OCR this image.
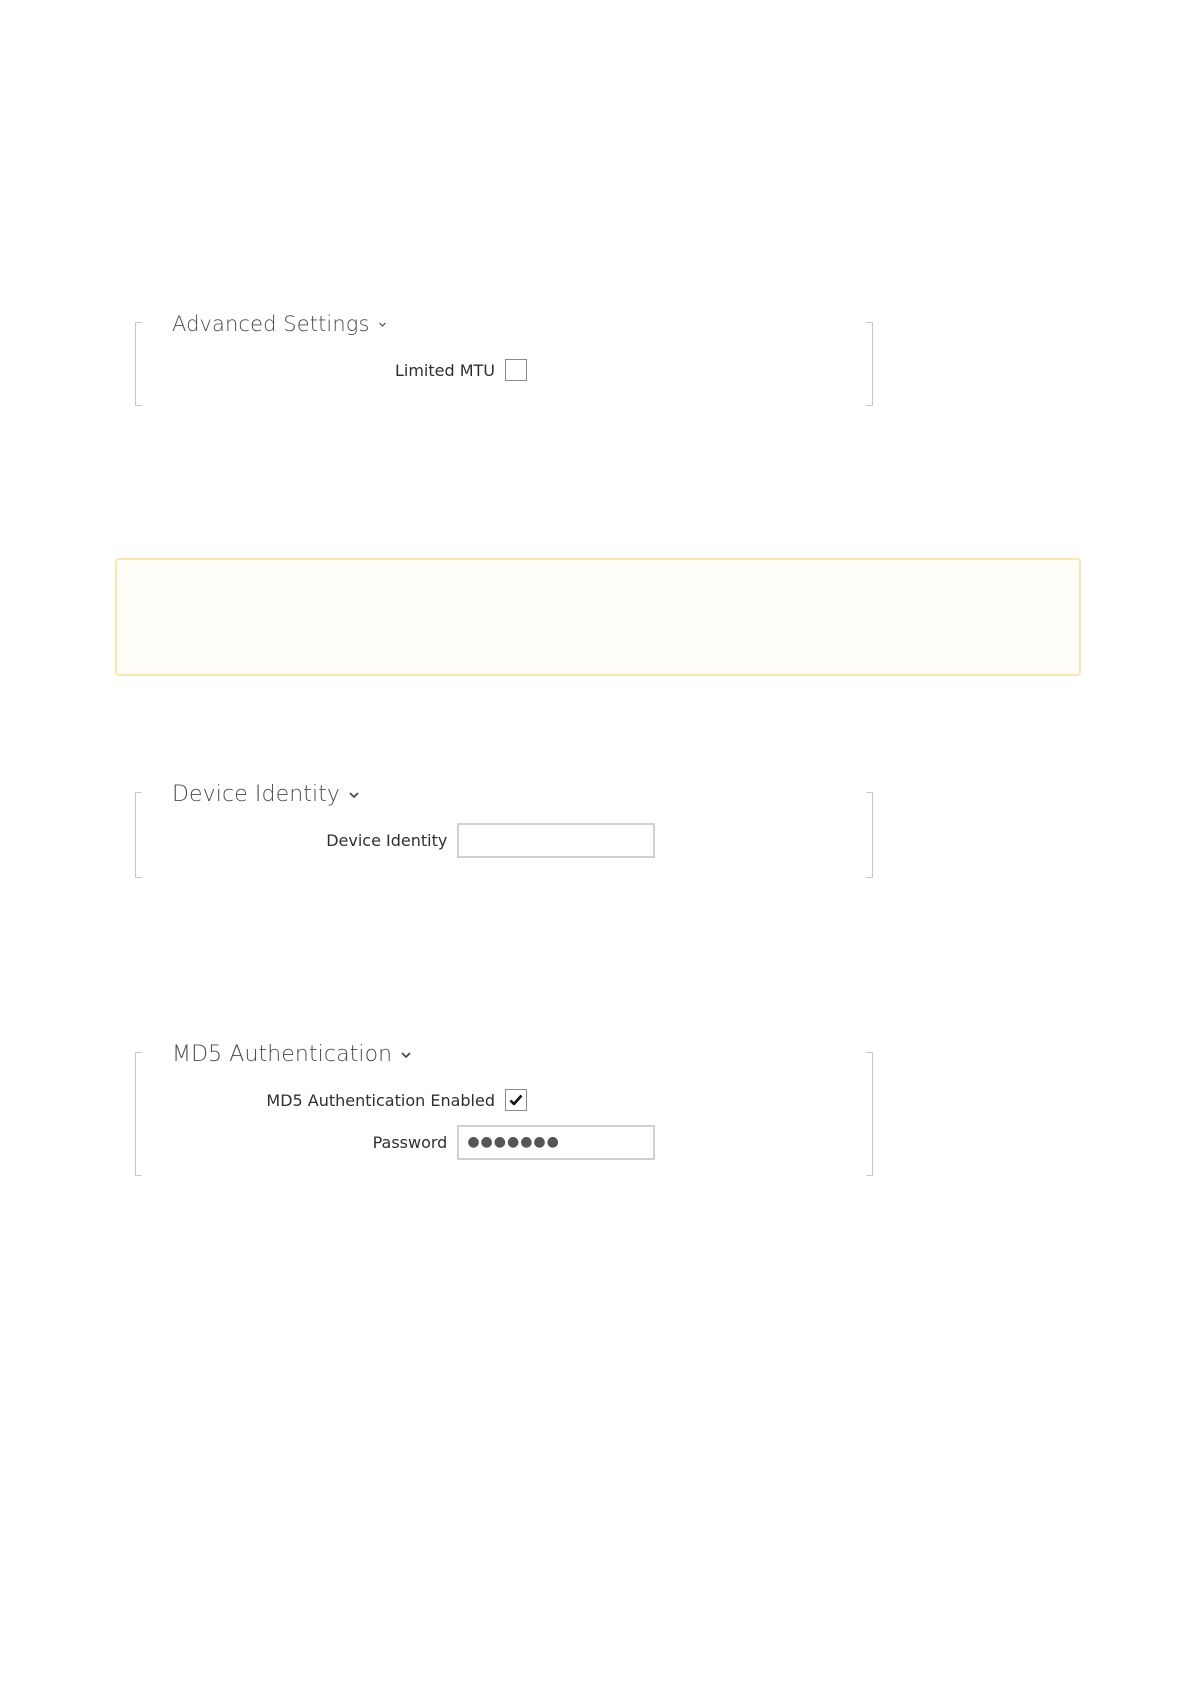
Advanced Settings
Limited MTU
Device Identity
Device Identity
MD5 Authentication
MD5 Authentication Enabled
Password	●●●●●●●
